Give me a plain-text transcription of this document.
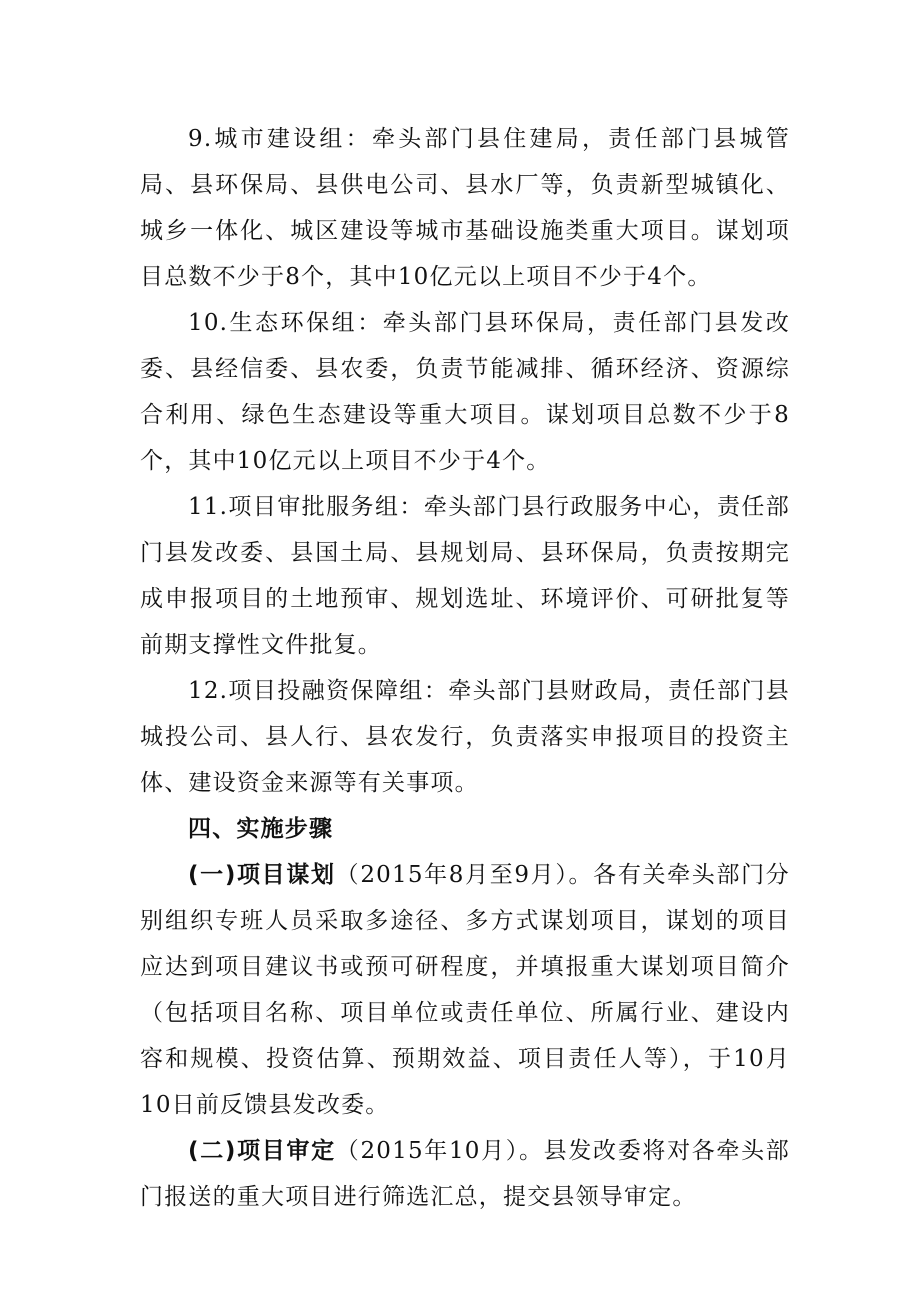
9.城市建设组：牵头部门县住建局，责任部门县城管局、县环保局、县供电公司、县水厂等，负责新型城镇化、城乡一体化、城区建设等城市基础设施类重大项目。谋划项目总数不少于8个，其中10亿元以上项目不少于4个。

10.生态环保组：牵头部门县环保局，责任部门县发改委、县经信委、县农委，负责节能减排、循环经济、资源综合利用、绿色生态建设等重大项目。谋划项目总数不少于8个，其中10亿元以上项目不少于4个。

11.项目审批服务组：牵头部门县行政服务中心，责任部门县发改委、县国土局、县规划局、县环保局，负责按期完成申报项目的土地预审、规划选址、环境评价、可研批复等前期支撑性文件批复。

12.项目投融资保障组：牵头部门县财政局，责任部门县城投公司、县人行、县农发行，负责落实申报项目的投资主体、建设资金来源等有关事项。

四、实施步骤

(一)项目谋划（2015年8月至9月）。各有关牵头部门分别组织专班人员采取多途径、多方式谋划项目，谋划的项目应达到项目建议书或预可研程度，并填报重大谋划项目简介（包括项目名称、项目单位或责任单位、所属行业、建设内容和规模、投资估算、预期效益、项目责任人等），于10月10日前反馈县发改委。

(二)项目审定（2015年10月）。县发改委将对各牵头部门报送的重大项目进行筛选汇总，提交县领导审定。
